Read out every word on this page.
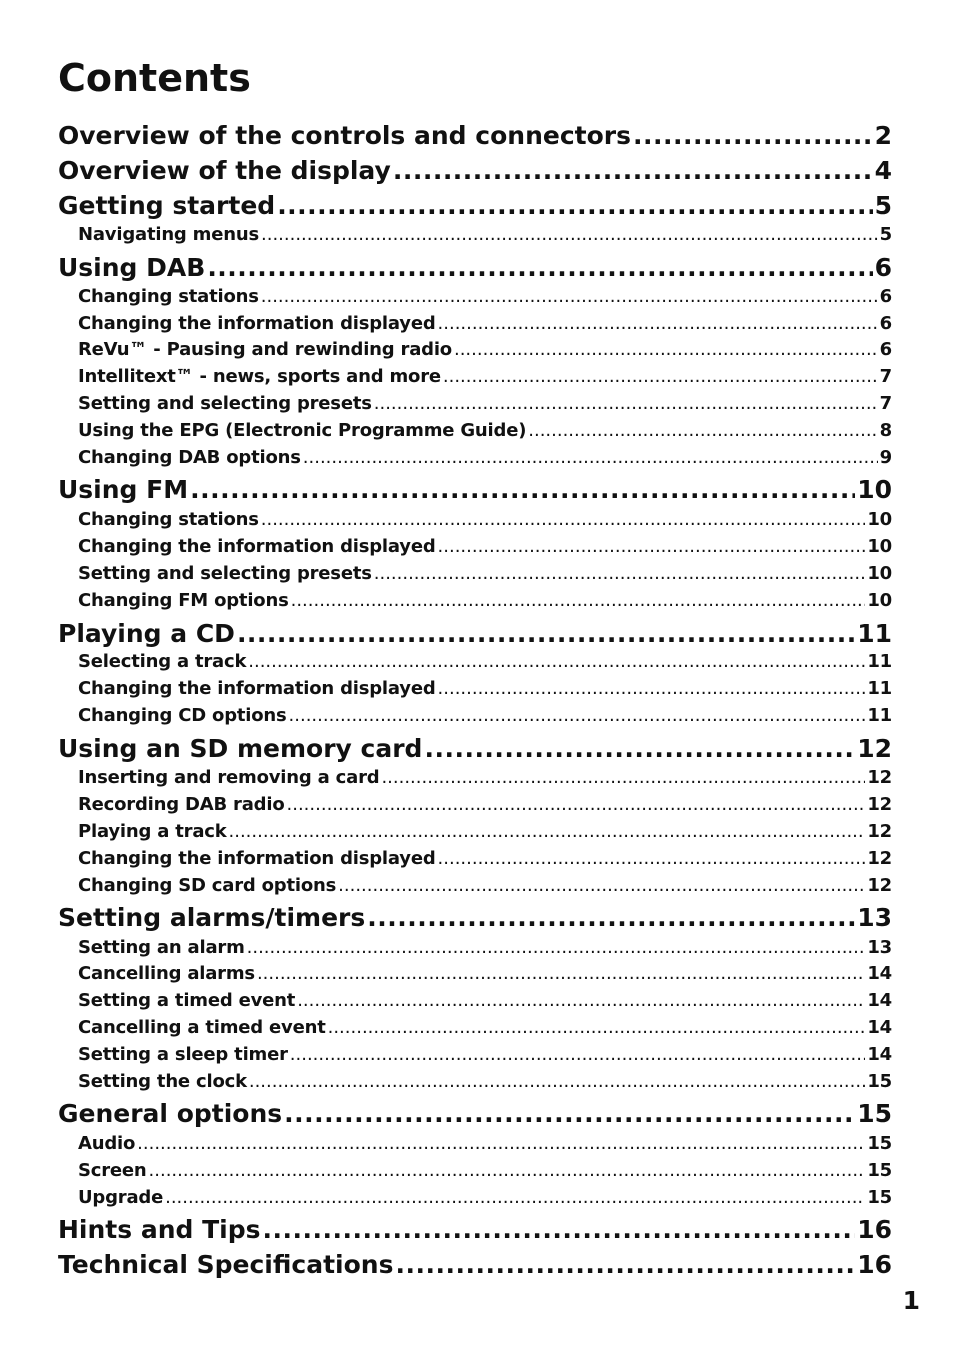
Contents
Overview of the controls and connectors .....	2
Overview of the display .....	4
Getting started .....	5
Navigating menus .....	5
Using DAB .....	6
Changing stations .....	6
Changing the information displayed .....	6
ReVu™ - Pausing and rewinding radio .....	6
Intellitext™ - news, sports and more .....	7
Setting and selecting presets .....	7
Using the EPG (Electronic Programme Guide) .....	8
Changing DAB options .....	9
Using FM .....	10
Changing stations .....	10
Changing the information displayed .....	10
Setting and selecting presets .....	10
Changing FM options .....	10
Playing a CD .....	11
Selecting a track .....	11
Changing the information displayed .....	11
Changing CD options .....	11
Using an SD memory card .....	12
Inserting and removing a card .....	12
Recording DAB radio .....	12
Playing a track .....	12
Changing the information displayed .....	12
Changing SD card options .....	12
Setting alarms/timers .....	13
Setting an alarm .....	13
Cancelling alarms .....	14
Setting a timed event .....	14
Cancelling a timed event .....	14
Setting a sleep timer .....	14
Setting the clock .....	15
General options .....	15
Audio .....	15
Screen .....	15
Upgrade .....	15
Hints and Tips .....	16
Technical Specifications .....	16
1
